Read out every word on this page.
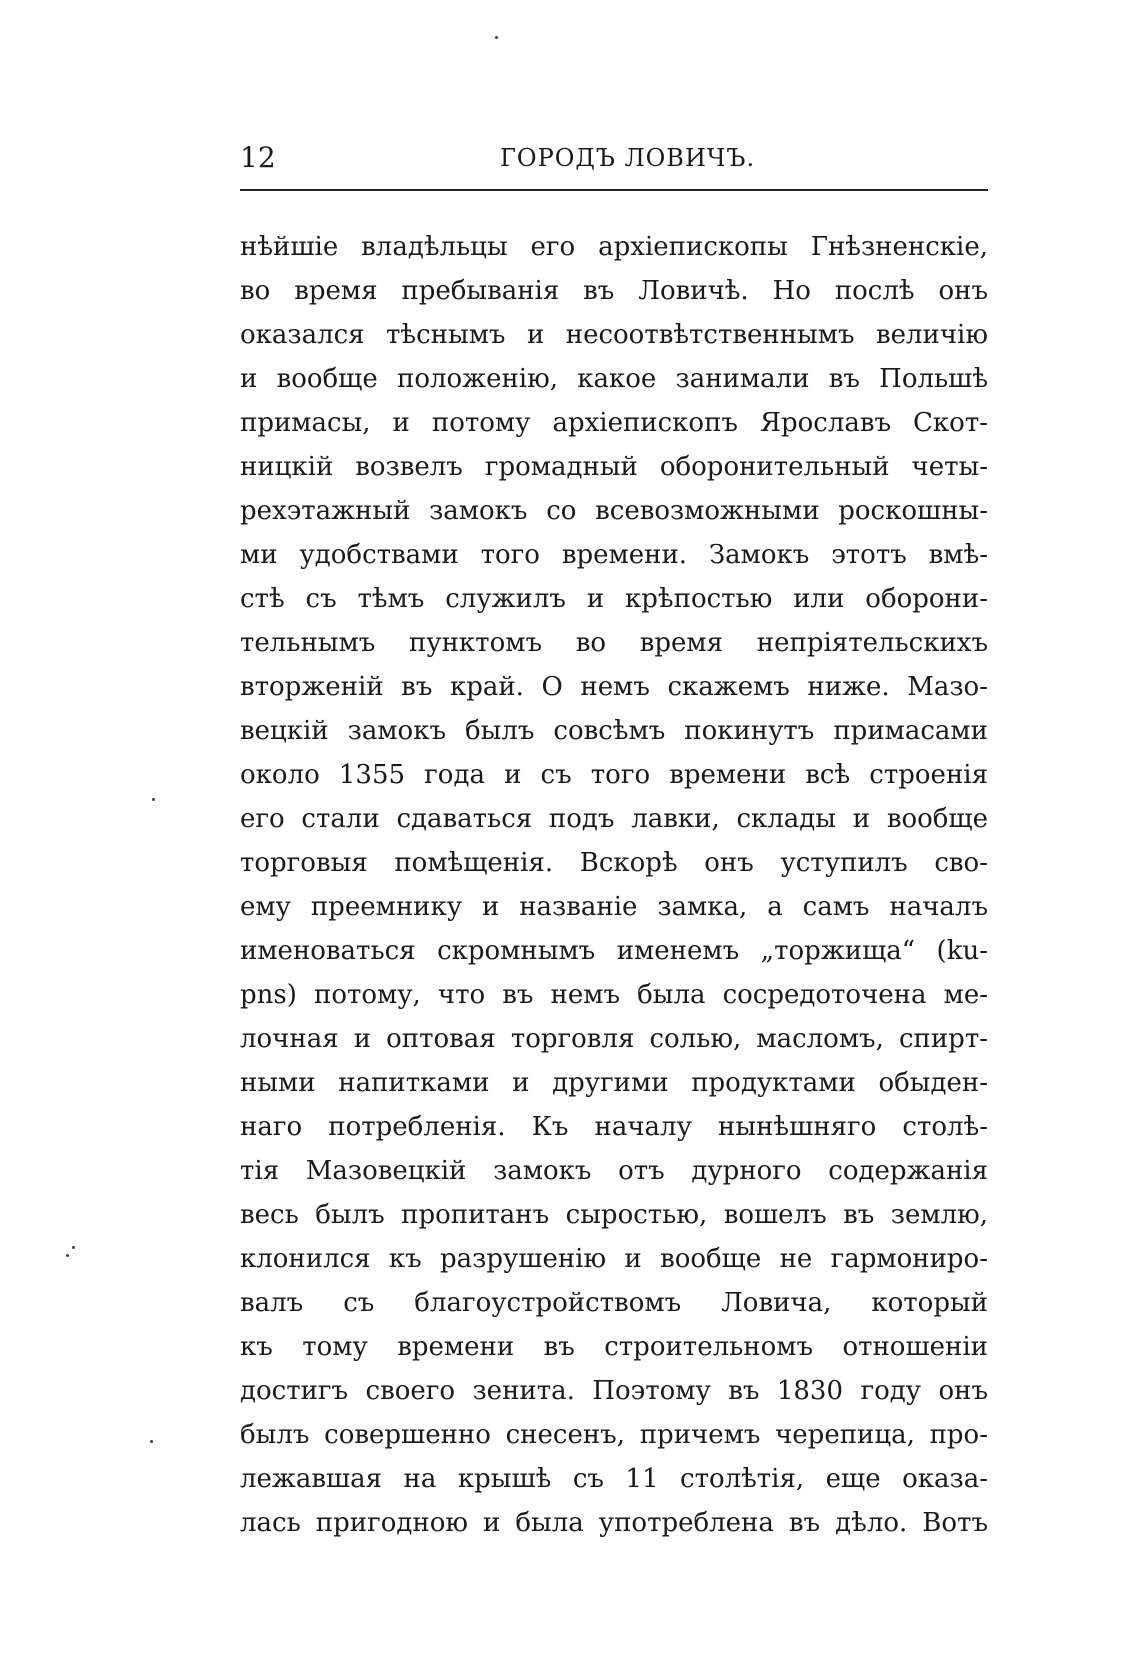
12	ГОРОДЪ ЛОВИЧЪ.
нѣйшіе владѣльцы его архіепископы Гнѣзненскіе,
во время пребыванія въ Ловичѣ. Но послѣ онъ
оказался тѣснымъ и несоотвѣтственнымъ величію
и вообще положенію, какое занимали въ Польшѣ
примасы, и потому архіепископъ Ярославъ Скот-
ницкій возвелъ громадный оборонительный четы-
рехэтажный замокъ со всевозможными роскошны-
ми удобствами того времени. Замокъ этотъ вмѣ-
стѣ съ тѣмъ служилъ и крѣпостью или оборони-
тельнымъ пунктомъ во время непріятельскихъ
вторженій въ край. О немъ скажемъ ниже. Мазо-
вецкій замокъ былъ совсѣмъ покинутъ примасами
около 1355 года и съ того времени всѣ строенія
его стали сдаваться подъ лавки, склады и вообще
торговыя помѣщенія. Вскорѣ онъ уступилъ сво-
ему преемнику и названіе замка, а самъ началъ
именоваться скромнымъ именемъ „торжища“ (ku-
pns) потому, что въ немъ была сосредоточена ме-
лочная и оптовая торговля солью, масломъ, спирт-
ными напитками и другими продуктами обыден-
наго потребленія. Къ началу нынѣшняго столѣ-
тія Мазовецкій замокъ отъ дурного содержанія
весь былъ пропитанъ сыростью, вошелъ въ землю,
клонился къ разрушенію и вообще не гармониро-
валъ съ благоустройствомъ Ловича, который
къ тому времени въ строительномъ отношеніи
достигъ своего зенита. Поэтому въ 1830 году онъ
былъ совершенно снесенъ, причемъ черепица, про-
лежавшая на крышѣ съ 11 столѣтія, еще оказа-
лась пригодною и была употреблена въ дѣло. Вотъ
